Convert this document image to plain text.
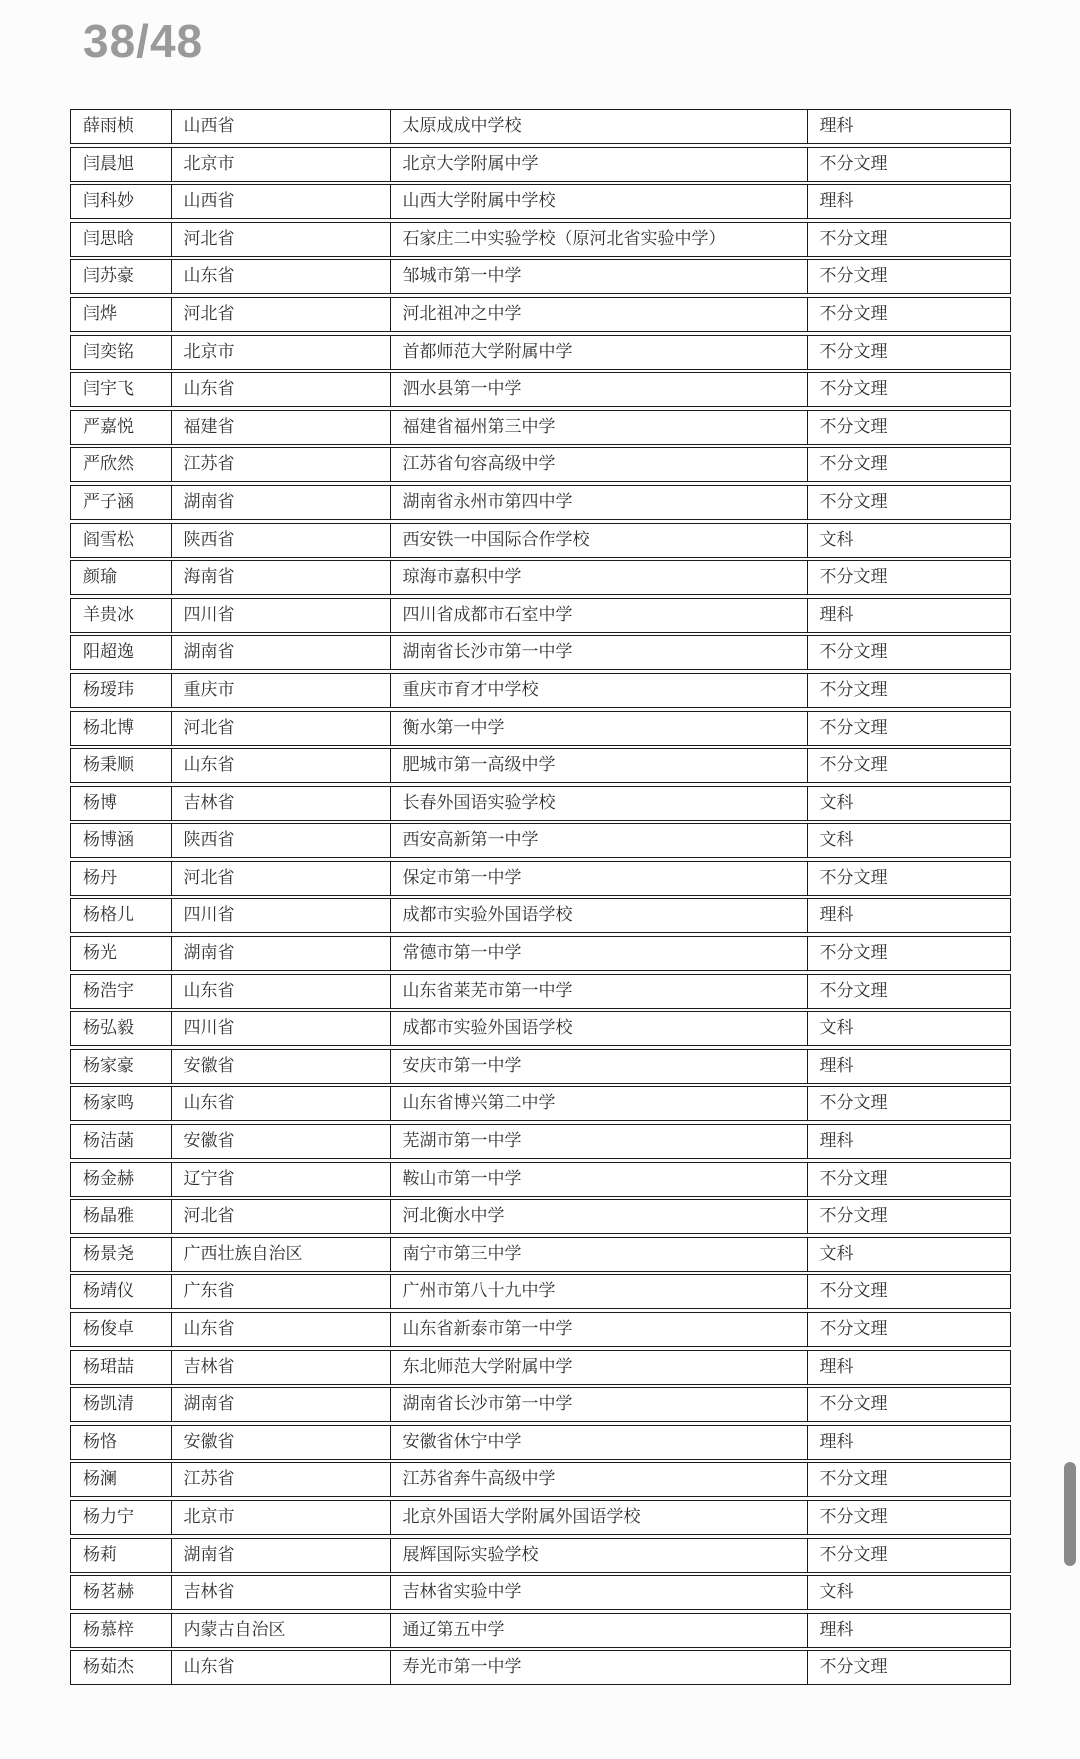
38/48
薛雨桢	山西省	太原成成中学校	理科
闫晨旭	北京市	北京大学附属中学	不分文理
闫科妙	山西省	山西大学附属中学校	理科
闫思晗	河北省	石家庄二中实验学校（原河北省实验中学）	不分文理
闫苏豪	山东省	邹城市第一中学	不分文理
闫烨	河北省	河北祖冲之中学	不分文理
闫奕铭	北京市	首都师范大学附属中学	不分文理
闫宇飞	山东省	泗水县第一中学	不分文理
严嘉悦	福建省	福建省福州第三中学	不分文理
严欣然	江苏省	江苏省句容高级中学	不分文理
严子涵	湖南省	湖南省永州市第四中学	不分文理
阎雪松	陕西省	西安铁一中国际合作学校	文科
颜瑜	海南省	琼海市嘉积中学	不分文理
羊贵冰	四川省	四川省成都市石室中学	理科
阳超逸	湖南省	湖南省长沙市第一中学	不分文理
杨瑷玮	重庆市	重庆市育才中学校	不分文理
杨北博	河北省	衡水第一中学	不分文理
杨秉顺	山东省	肥城市第一高级中学	不分文理
杨博	吉林省	长春外国语实验学校	文科
杨博涵	陕西省	西安高新第一中学	文科
杨丹	河北省	保定市第一中学	不分文理
杨格儿	四川省	成都市实验外国语学校	理科
杨光	湖南省	常德市第一中学	不分文理
杨浩宇	山东省	山东省莱芜市第一中学	不分文理
杨弘毅	四川省	成都市实验外国语学校	文科
杨家豪	安徽省	安庆市第一中学	理科
杨家鸣	山东省	山东省博兴第二中学	不分文理
杨洁菡	安徽省	芜湖市第一中学	理科
杨金赫	辽宁省	鞍山市第一中学	不分文理
杨晶雅	河北省	河北衡水中学	不分文理
杨景尧	广西壮族自治区	南宁市第三中学	文科
杨靖仪	广东省	广州市第八十九中学	不分文理
杨俊卓	山东省	山东省新泰市第一中学	不分文理
杨珺喆	吉林省	东北师范大学附属中学	理科
杨凯清	湖南省	湖南省长沙市第一中学	不分文理
杨恪	安徽省	安徽省休宁中学	理科
杨澜	江苏省	江苏省奔牛高级中学	不分文理
杨力宁	北京市	北京外国语大学附属外国语学校	不分文理
杨莉	湖南省	展辉国际实验学校	不分文理
杨茗赫	吉林省	吉林省实验中学	文科
杨慕梓	内蒙古自治区	通辽第五中学	理科
杨茹杰	山东省	寿光市第一中学	不分文理
